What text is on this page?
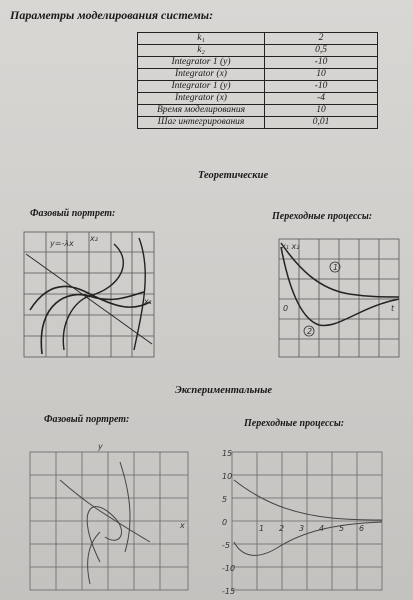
Параметры моделирования системы:
k₁	2
k₂	0,5
Integrator 1 (y)	-10
Integrator (x)	10
Integrator 1 (y)	-10
Integrator (x)	-4
Время моделирования	10
Шаг интегрирования	0,01
Теоретические
Фазовый портрет:	Переходные процессы:
y=-λx
x₂
x₁
x₁ x₂
t
0
1
2
Экспериментальные
Фазовый портрет:	Переходные процессы:
y
x
15
10
5
0
-5
-10
-15
1 2 3 4 5 6
